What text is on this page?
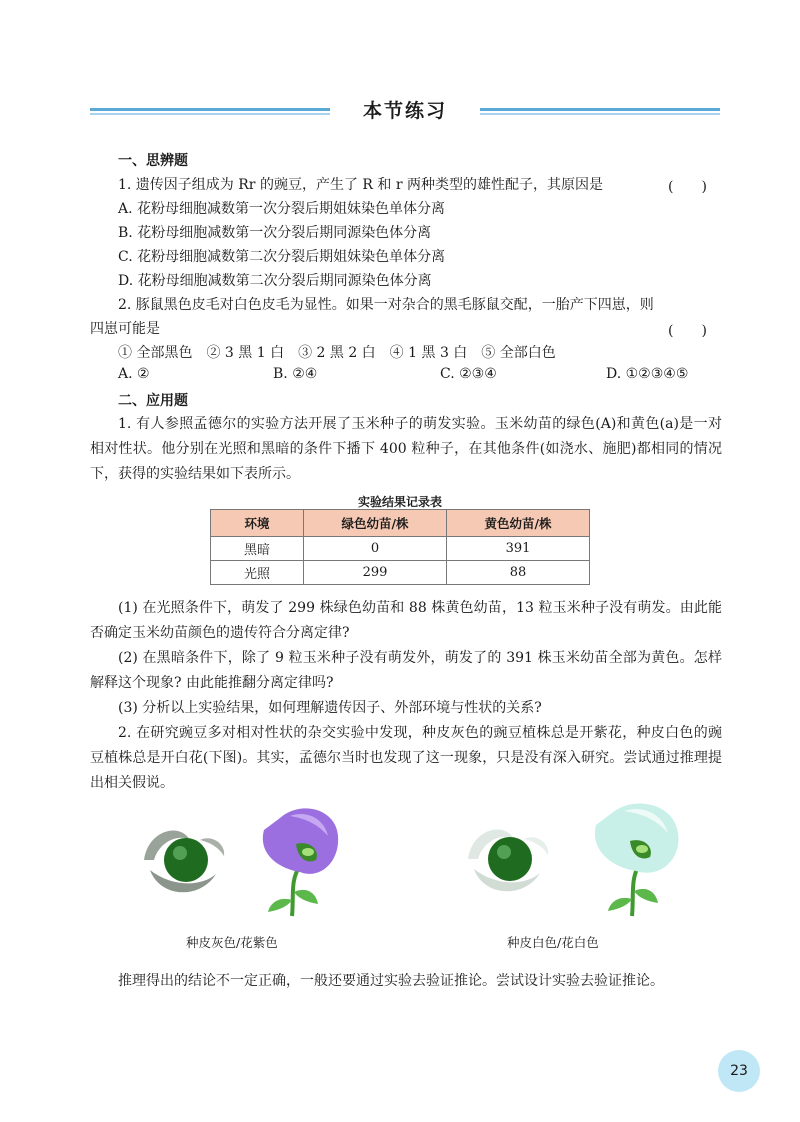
本节练习
一、思辨题
1. 遗传因子组成为 Rr 的豌豆，产生了 R 和 r 两种类型的雄性配子，其原因是	(　　)
A. 花粉母细胞减数第一次分裂后期姐妹染色单体分离
B. 花粉母细胞减数第一次分裂后期同源染色体分离
C. 花粉母细胞减数第二次分裂后期姐妹染色单体分离
D. 花粉母细胞减数第二次分裂后期同源染色体分离
2. 豚鼠黑色皮毛对白色皮毛为显性。如果一对杂合的黑毛豚鼠交配，一胎产下四崽，则
四崽可能是	(　　)
① 全部黑色　② 3 黑 1 白　③ 2 黑 2 白　④ 1 黑 3 白　⑤ 全部白色
A. ②	B. ②④	C. ②③④	D. ①②③④⑤
二、应用题
1. 有人参照孟德尔的实验方法开展了玉米种子的萌发实验。玉米幼苗的绿色(A)和黄色(a)是一对相对性状。他分别在光照和黑暗的条件下播下 400 粒种子，在其他条件(如浇水、施肥)都相同的情况下，获得的实验结果如下表所示。
实验结果记录表
环境	绿色幼苗/株	黄色幼苗/株
黑暗	0	391
光照	299	88
(1) 在光照条件下，萌发了 299 株绿色幼苗和 88 株黄色幼苗，13 粒玉米种子没有萌发。由此能否确定玉米幼苗颜色的遗传符合分离定律?
(2) 在黑暗条件下，除了 9 粒玉米种子没有萌发外，萌发了的 391 株玉米幼苗全部为黄色。怎样解释这个现象? 由此能推翻分离定律吗?
(3) 分析以上实验结果，如何理解遗传因子、外部环境与性状的关系?
2. 在研究豌豆多对相对性状的杂交实验中发现，种皮灰色的豌豆植株总是开紫花，种皮白色的豌豆植株总是开白花(下图)。其实，孟德尔当时也发现了这一现象，只是没有深入研究。尝试通过推理提出相关假说。
种皮灰色/花紫色	种皮白色/花白色
推理得出的结论不一定正确，一般还要通过实验去验证推论。尝试设计实验去验证推论。
23
